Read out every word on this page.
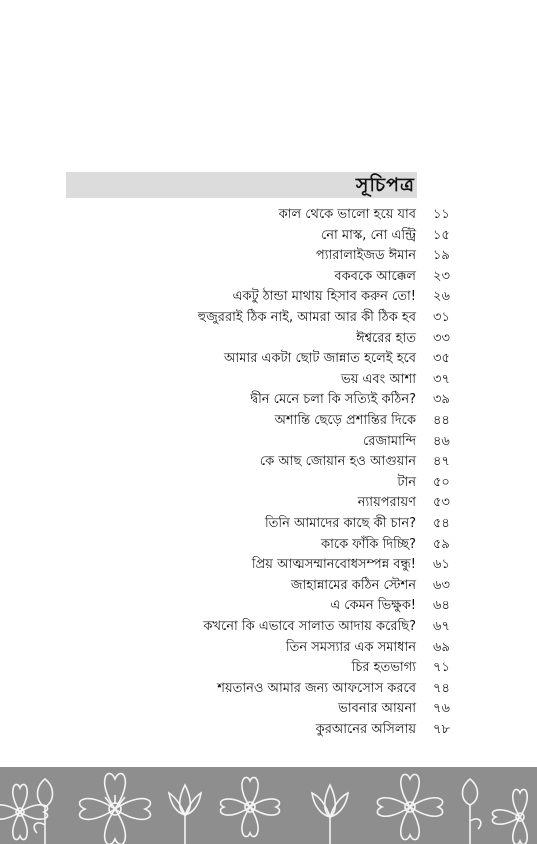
সূচিপত্র
কাল থেকে ভালো হয়ে যাব ১১
নো মাস্ক, নো এন্ট্রি ১৫
প্যারালাইজড ঈমান ১৯
বকবকে আক্কেল ২৩
একটু ঠান্ডা মাথায় হিসাব করুন তো! ২৬
হুজুররাই ঠিক নাই, আমরা আর কী ঠিক হব ৩১
ঈশ্বরের হাত ৩৩
আমার একটা ছোট জান্নাত হলেই হবে ৩৫
ভয় এবং আশা ৩৭
দ্বীন মেনে চলা কি সত্যিই কঠিন? ৩৯
অশান্তি ছেড়ে প্রশান্তির দিকে ৪৪
রেজামান্দি ৪৬
কে আছ জোয়ান হও আগুয়ান ৪৭
টান ৫০
ন্যায়পরায়ণ ৫৩
তিনি আমাদের কাছে কী চান? ৫৪
কাকে ফাঁকি দিচ্ছি? ৫৯
প্রিয় আত্মসম্মানবোধসম্পন্ন বন্ধু! ৬১
জাহান্নামের কঠিন স্টেশন ৬৩
এ কেমন ভিক্ষুক! ৬৪
কখনো কি এভাবে সালাত আদায় করেছি? ৬৭
তিন সমস্যার এক সমাধান ৬৯
চির হতভাগ্য ৭১
শয়তানও আমার জন্য আফসোস করবে ৭৪
ভাবনার আয়না ৭৬
কুরআনের অসিলায় ৭৮
